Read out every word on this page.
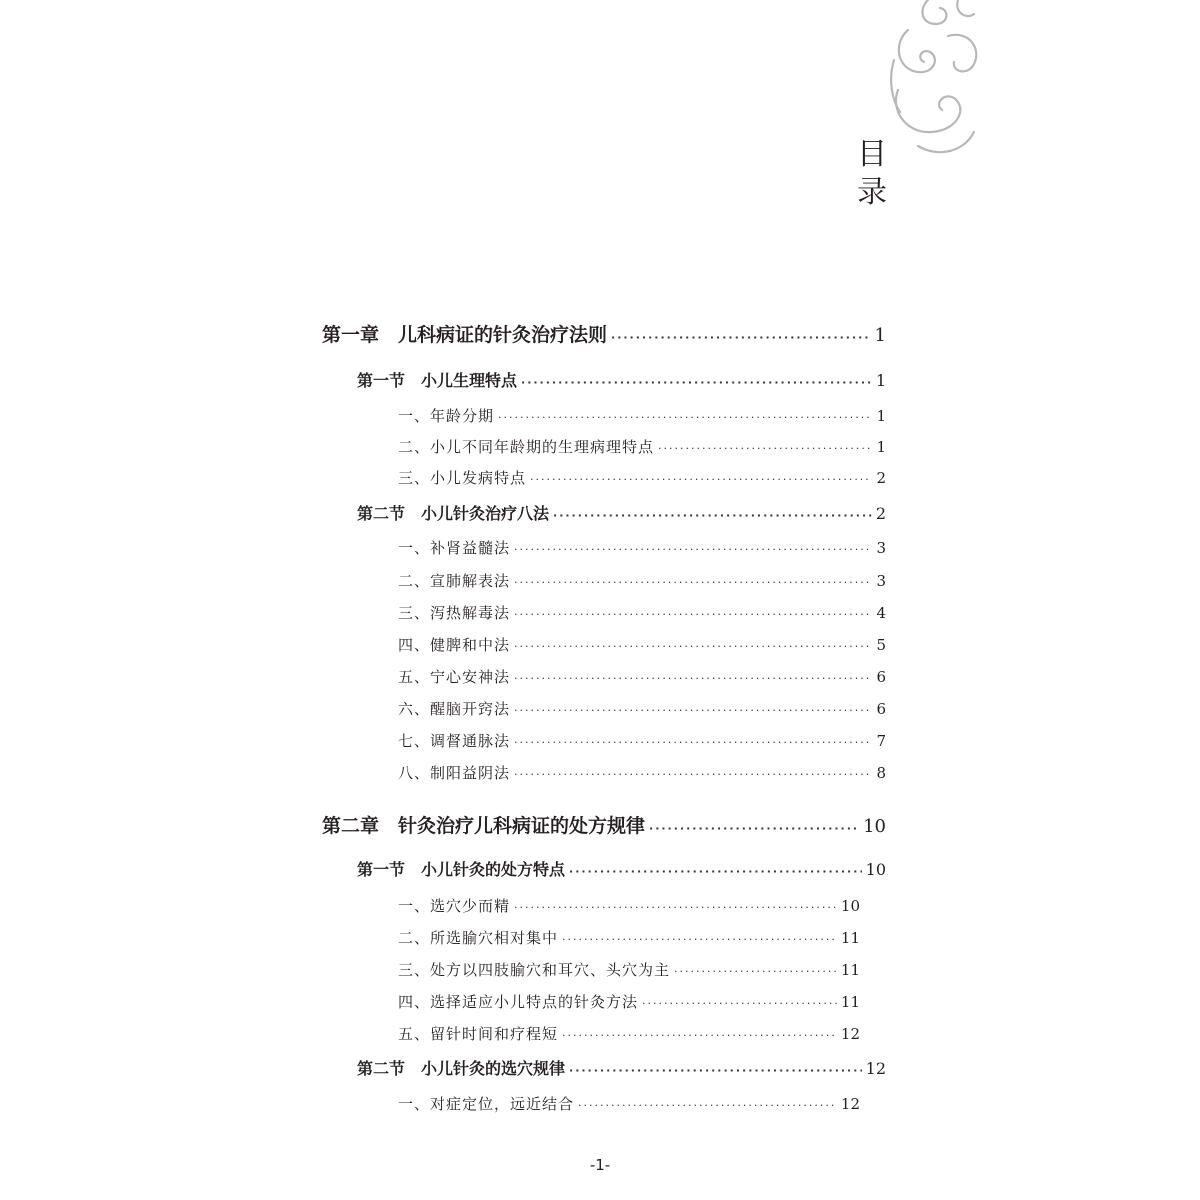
目
录
第一章　儿科病证的针灸治疗法则 ·····	1
第一节　小儿生理特点 ·····	1
一、年龄分期 ·····	1
二、小儿不同年龄期的生理病理特点 ·····	1
三、小儿发病特点 ·····	2
第二节　小儿针灸治疗八法 ·····	2
一、补肾益髓法 ·····	3
二、宣肺解表法 ·····	3
三、泻热解毒法 ·····	4
四、健脾和中法 ·····	5
五、宁心安神法 ·····	6
六、醒脑开窍法 ·····	6
七、调督通脉法 ·····	7
八、制阳益阴法 ·····	8
第二章　针灸治疗儿科病证的处方规律 ·····	10
第一节　小儿针灸的处方特点 ·····	10
一、选穴少而精 ·····	10
二、所选腧穴相对集中 ·····	11
三、处方以四肢腧穴和耳穴、头穴为主 ·····	11
四、选择适应小儿特点的针灸方法 ·····	11
五、留针时间和疗程短 ·····	12
第二节　小儿针灸的选穴规律 ·····	12
一、对症定位，远近结合 ·····	12
-1-
